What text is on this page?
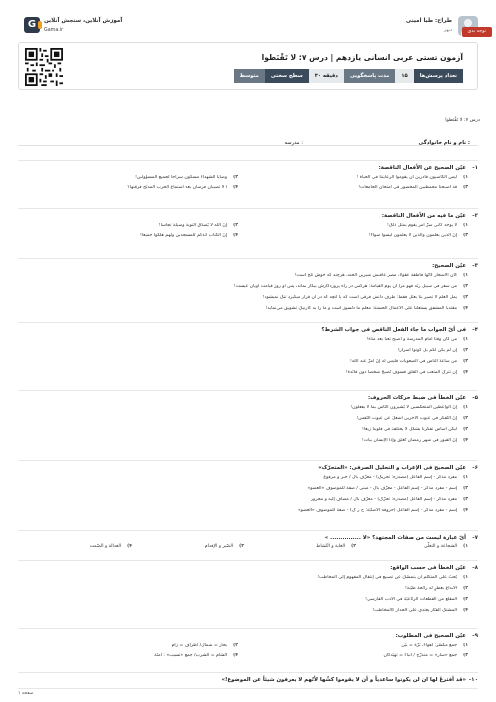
طراح: طبا امینی
دیهر
G	آموزش آنلاین، سنجش آنلاین
Gama.ir
آزمون تستی عربی انسانی یازدهم | درس ۷: لا تَقْنَطوا
تعداد پرسش‌ها
۱۵
مدت پاسخگویی
۳۰ دقیقه
سطح سختی
متوسط
توجه بدی
درس ۷: لا تَقْنَطوا
نام و نام خانوادگی :
مدرسه :
-۱
عیّن الصحیح عن الأفعال الناقصة:
۱)لیس الکاسبون قادرین أن یقوموا الرعایتنا فی الحیاة !
۲)وصایا الشهداء مسکون سراجاً لجمیع المسؤولین!
۳)قد أصبحنا محمطبین المحضور فی امتحان الجامعات!
۴)أ لا تصبیان فرسان بعد استماع الحرب المدبّح فرقتها؟
-۲
عیّن ما فیه من الأفعال الناقصة:
۱)لا یوجد کانی سرّ أمر یقوم بمثل ذلک!
۲)إنّ الله لا یُصدّق التوبة وسیلة تجاسا!
۳)إنّ الّذین یعلمون والّذین لا یعلمون لیسوا سواءً!
۴)إنّ الکتاب أتذکُم للمسجدین ولهم هلکوا جمیعاً!
-۳
عیّن الصحیح:
۱)کان الأشجار کأنّها قاطفة عقولاً، مصر عاقبش شیرین الحند، هرچند که خوش تلخ است!
۲)من سفر فی سبیل ربّه فهو مرا أن یوم القیامة: هرکس در راه پروردگارش بیکار بماند، پس او روز قیامت آویان عیست!
۳)یملّ العلم لا تصیر بنا بعثل فقط: طرف دانش فرقی است که با آنچه که در آن قرار میگیرد تنگ نمیشود!
۴)مقتدبا المشفق یستعلنا علی الأعمال الحسنة: معلّم ما دلسوز است و ما را به کارنیک تشویق می‌نماید!
-۴
فی أیّ الجواب ما جاء الفعل الناقص فی جواب الشرط؟
۱)من کان وقتاً أمام المدرسة و أصبح تعباً بعد مدّة!
۲)إن لم یکن لکم بلّ کُونوا أسراراً
۳)من ساعدَ الناس فی الصعوبات فلیس له إنّ أمرّ عند الله!
۴)إن تترک المتعب فی القلق فسوف تُصبحُ شخصاً دون فائدة!
-۵
عیّن الخطأ فی ضبط حرکات الحروف:
۱)إنّ الواعظین المتحمّسین لا یُشیرون النّاس بما لا یفعلون!
۲)إنّ التّفکّر فی عیوب الآخرین أشغلُ عن عیوب النّفس!
۳)لیکُن أساس تفکّرنا بشکل لا یختلفُ فی قلوبنا زیغاً!
۴)إنّ القبور فی شهر رمضان تُغلّق وإذا الإنسان بیات!
-۶
عیّن الصحیح فی الإعراب و التحلیل الصرفی: «المتحرّک»
۱)مفرد مذکّر - إسم الفاعل (مصدره: تحریک) - معرّف بأل / خبر و مرفوع
۲)إسم - مفرد مذکّر - إسم الفاعل - معرّف بأل - مبنی / صفة للموصوف «العضو»
۳)مفرد مذکّر - إسم الفاعل (مصدره: تحرّک) - معرّف بأل / مضاف إلیه و مجرور
۴)إسم - مفرد مذکّر - إسم الفاعل (حروفه الأصلیّة: ح ر ک) - صفة للموصوف «العضو»
-۷
أیّ عبارة لیست من صفات المجتهد؟ «لا ............... »
۱)الشجاعة و التعلّی
۲)الغایة و النّشاط
۳)الصّبر و الإقدام
۴)العدالة و الصّمت
-۸
عیّن الخطأ فی حسب الواقع:
۱)یُحبّ علی المتکلّم أن یتمسّک عن تصبیع فی إنتقال المفهوم إلی المخاطب!
۲)الابداع بعطرٍ له رائحة طیّبة!
۳)المقلّع من القطعات الرئاعیّة فی الأدب الفارسی!
۴)المشتک الفتّار یعتدی علی الجدار کالمخاطب!
-۹
عیّن الصحیح فی المطلوب:
۱)جمع مکسّر: أهواء، بَرّة = بیّن
۲)بحار = شمال/ أطراف = زام
۳)جمع «سار» = متدرّج / أنباء = تهیّدکان
۴)الشّام = الشّرب/ جمع «نسیب» : أمنّة
-۱۰
«قد أفترعُ لها ان لن یکونوا ساعدیاً و أن لا یقوموا کشّها لأنّهم لا یعرفون شیئاً عن الموضوع!»
صفحه ۱
